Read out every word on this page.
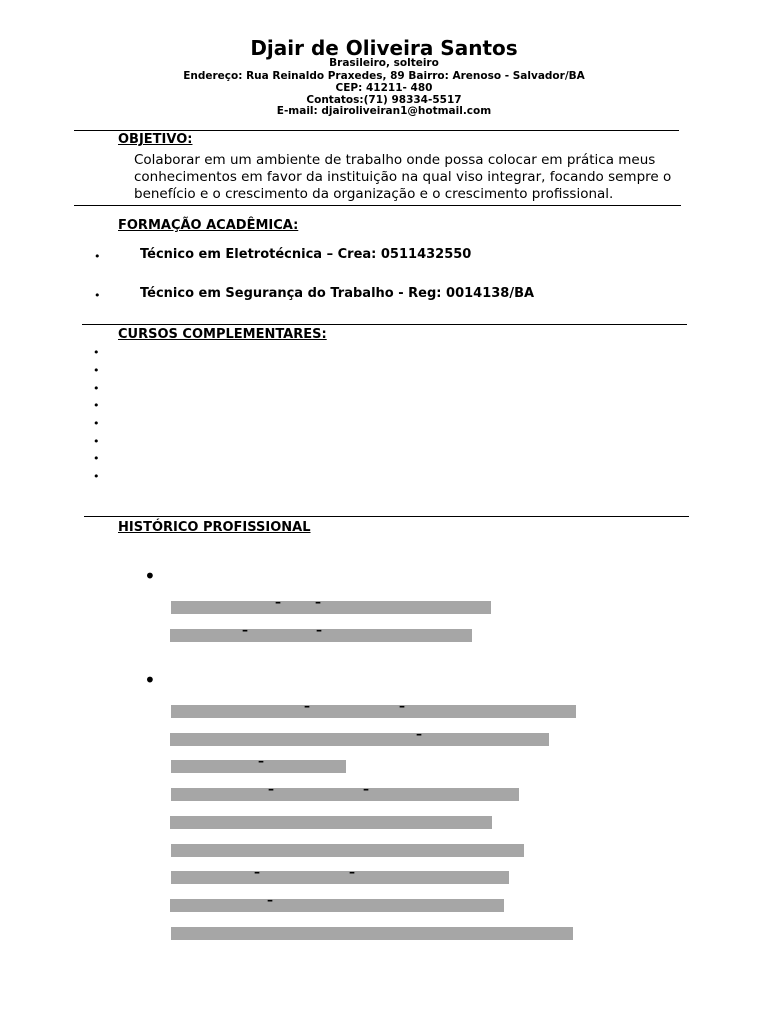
Djair de Oliveira Santos
Brasileiro, solteiro
Endereço: Rua Reinaldo Praxedes, 89 Bairro: Arenoso - Salvador/BA
CEP: 41211- 480
Contatos:(71) 98334-5517
E-mail: djairoliveiran1@hotmail.com
OBJETIVO:
Colaborar em um ambiente de trabalho onde possa colocar em prática meus
conhecimentos em favor da instituição na qual viso integrar, focando sempre o
benefício e o crescimento da organização e o crescimento profissional.
FORMAÇÃO ACADÊMICA:
•	Técnico em Eletrotécnica – Crea: 0511432550
•	Técnico em Segurança do Trabalho - Reg: 0014138/BA
CURSOS COMPLEMENTARES:
•
•
•
•
•
•
•
•
HISTÓRICO PROFISSIONAL
•
–	–
–	–
•
–	–
–
–
–	–
–	–
–
